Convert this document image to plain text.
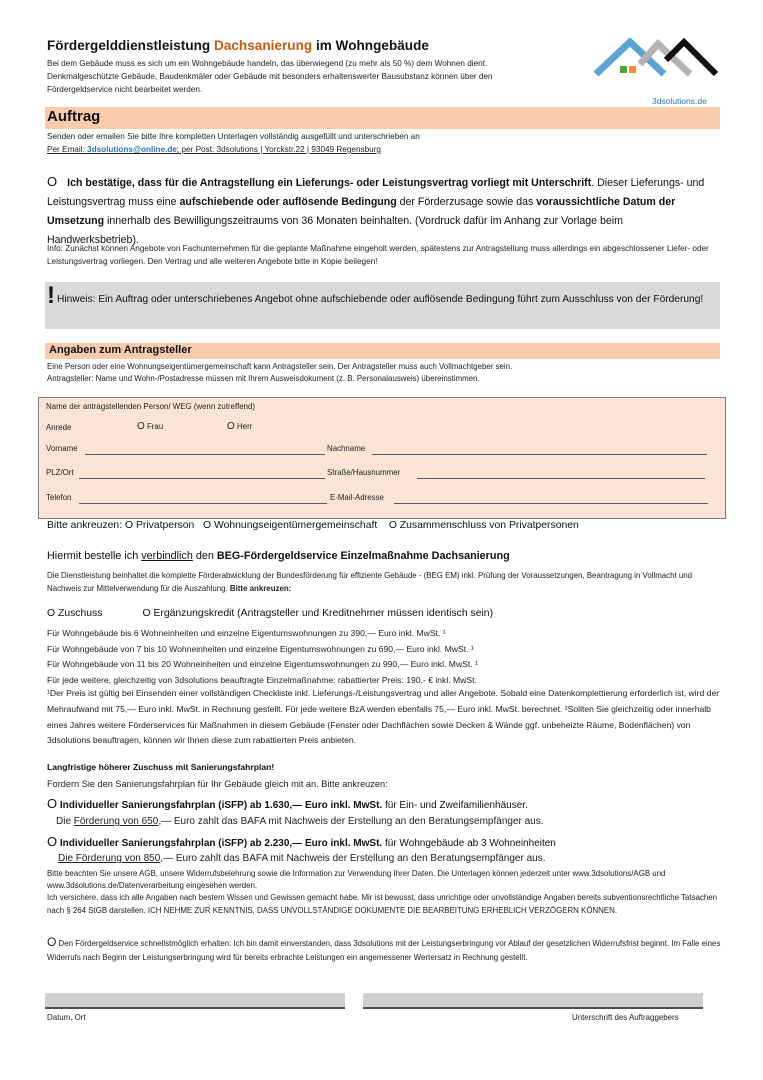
Fördergelddienstleistung Dachsanierung im Wohngebäude
Bei dem Gebäude muss es sich um ein Wohngebäude handeln, das überwiegend (zu mehr als 50 %) dem Wohnen dient.
Denkmalgeschützte Gebäude, Baudenkmäler oder Gebäude mit besonders erhaltenswerter Bausubstanz können über den
Fördergeldservice nicht bearbeitet werden.
3dsolutions.de
Auftrag
Senden oder emailen Sie bitte Ihre kompletten Unterlagen vollständig ausgefüllt und unterschrieben an
Per Email: 3dsolutions@online.de; per Post: 3dsolutions | Yorckstr.22 | 93049 Regensburg
O Ich bestätige, dass für die Antragstellung ein Lieferungs- oder Leistungsvertrag vorliegt mit Unterschrift. Dieser Lieferungs- und Leistungsvertrag muss eine aufschiebende oder auflösende Bedingung der Förderzusage sowie das voraussichtliche Datum der Umsetzung innerhalb des Bewilligungszeitraums von 36 Monaten beinhalten. (Vordruck dafür im Anhang zur Vorlage beim Handwerksbetrieb).
Info: Zunächst können Angebote von Fachunternehmen für die geplante Maßnahme eingeholt werden, spätestens zur Antragstellung muss allerdings ein abgeschlossener Liefer- oder Leistungsvertrag vorliegen. Den Vertrag und alle weiteren Angebote bitte in Kopie beilegen!
! Hinweis: Ein Auftrag oder unterschriebenes Angebot ohne aufschiebende oder auflösende Bedingung führt zum Ausschluss von der Förderung!
Angaben zum Antragsteller
Eine Person oder eine Wohnungseigentümergemeinschaft kann Antragsteller sein. Der Antragsteller muss auch Vollmachtgeber sein.
Antragsteller: Name und Wohn-/Postadresse müssen mit Ihrem Ausweisdokument (z. B. Personalausweis) übereinstimmen.
Name der antragstellenden Person/ WEG (wenn zutreffend)
Anrede	O Frau	O Herr
Vorname	Nachname
PLZ/Ort	Straße/Hausnummer
Telefon	E-Mail-Adresse
Bitte ankreuzen: O Privatperson O Wohnungseigentümergemeinschaft O Zusammenschluss von Privatpersonen
Hiermit bestelle ich verbindlich den BEG-Fördergeldservice Einzelmaßnahme Dachsanierung
Die Dienstleistung beinhaltet die komplette Förderabwicklung der Bundesförderung für effiziente Gebäude - (BEG EM) inkl. Prüfung der Voraussetzungen, Beantragung in Vollmacht und Nachweis zur Mittelverwendung für die Auszahlung. Bitte ankreuzen:
O Zuschuss	O Ergänzungskredit (Antragsteller und Kreditnehmer müssen identisch sein)
Für Wohngebäude bis 6 Wohneinheiten und einzelne Eigentumswohnungen zu 390,— Euro inkl. MwSt. ¹
Für Wohngebäude von 7 bis 10 Wohneinheiten und einzelne Eigentumswohnungen zu 690,— Euro inkl. MwSt. ¹
Für Wohngebäude von 11 bis 20 Wohneinheiten und einzelne Eigentumswohnungen zu 990,— Euro inkl. MwSt. ¹
Für jede weitere, gleichzeitig von 3dsolutions beauftragte Einzelmaßnahme: rabattierter Preis: 190,- € inkl. MwSt.
¹Der Preis ist gültig bei Einsenden einer vollständigen Checkliste inkl. Lieferungs-/Leistungsvertrag und aller Angebote. Sobald eine Datenkomplettierung erforderlich ist, wird der Mehraufwand mit 75,— Euro inkl. MwSt. in Rechnung gestellt. Für jede weitere BzA werden ebenfalls 75,— Euro inkl. MwSt. berechnet. ²Sollten Sie gleichzeitig oder innerhalb eines Jahres weitere Förderservices für Maßnahmen in diesem Gebäude (Fenster oder Dachflächen sowie Decken & Wände ggf. unbeheizte Räume, Bodenflächen) von 3dsolutions beauftragen, können wir Ihnen diese zum rabattierten Preis anbieten.
Langfristige höherer Zuschuss mit Sanierungsfahrplan!
Fordern Sie den Sanierungsfahrplan für Ihr Gebäude gleich mit an. Bitte ankreuzen:
O Individueller Sanierungsfahrplan (iSFP) ab 1.630,— Euro inkl. MwSt. für Ein- und Zweifamilienhäuser.
Die Förderung von 650,— Euro zahlt das BAFA mit Nachweis der Erstellung an den Beratungsempfänger aus.
O Individueller Sanierungsfahrplan (iSFP) ab 2.230,— Euro inkl. MwSt. für Wohngebäude ab 3 Wohneinheiten
Die Förderung von 850,— Euro zahlt das BAFA mit Nachweis der Erstellung an den Beratungsempfänger aus.
Bitte beachten Sie unsere AGB, unsere Widerrufsbelehrung sowie die Information zur Verwendung Ihrer Daten. Die Unterlagen können jederzeit unter www.3dsolutions/AGB und www.3dsolutions.de/Datenverarbeitung eingesehen werden.
Ich versichere, dass ich alle Angaben nach bestem Wissen und Gewissen gemacht habe. Mir ist bewusst, dass unrichtige oder unvollständige Angaben bereits subventionsrechtliche Tatsachen nach § 264 StGB darstellen. ICH NEHME ZUR KENNTNIS, DASS UNVOLLSTÄNDIGE DOKUMENTE DIE BEARBEITUNG ERHEBLICH VERZÖGERN KÖNNEN.
O Den Fördergeldservice schnellstmöglich erhalten: Ich bin damit einverstanden, dass 3dsolutions mit der Leistungserbringung vor Ablauf der gesetzlichen Widerrufsfrist beginnt. Im Falle eines Widerrufs nach Beginn der Leistungserbringung wird für bereits erbrachte Leistungen ein angemessener Wertersatz in Rechnung gestellt.
Datum, Ort	Unterschrift des Auftraggebers
